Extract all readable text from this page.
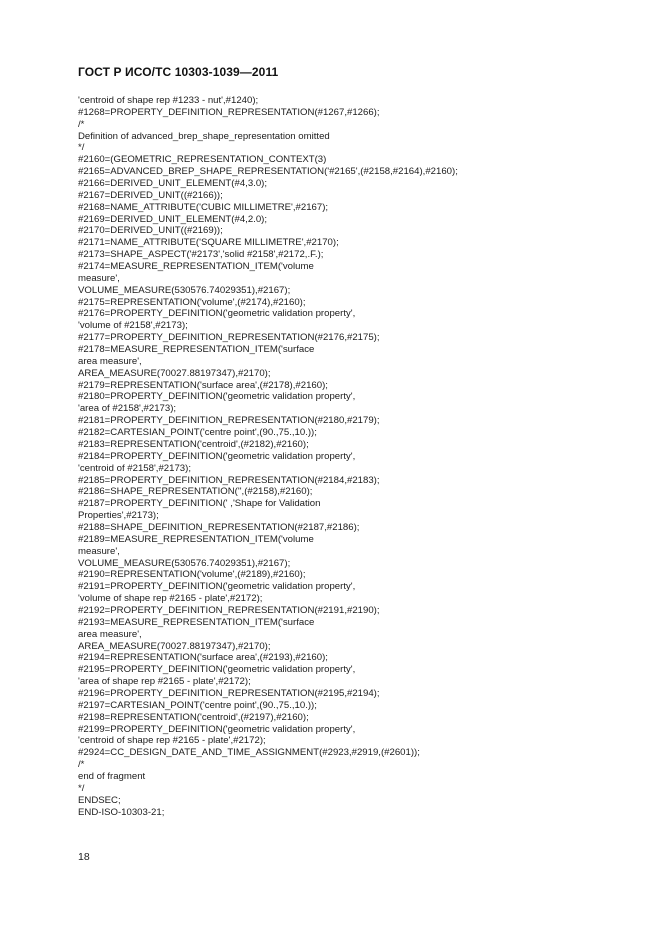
ГОСТ Р ИСО/ТС 10303-1039—2011
'centroid of shape rep #1233 - nut',#1240);
#1268=PROPERTY_DEFINITION_REPRESENTATION(#1267,#1266);
/*
Definition of advanced_brep_shape_representation omitted
*/
#2160=(GEOMETRIC_REPRESENTATION_CONTEXT(3)
#2165=ADVANCED_BREP_SHAPE_REPRESENTATION('#2165',(#2158,#2164),#2160);
#2166=DERIVED_UNIT_ELEMENT(#4,3.0);
#2167=DERIVED_UNIT((#2166));
#2168=NAME_ATTRIBUTE('CUBIC MILLIMETRE',#2167);
#2169=DERIVED_UNIT_ELEMENT(#4,2.0);
#2170=DERIVED_UNIT((#2169));
#2171=NAME_ATTRIBUTE('SQUARE MILLIMETRE',#2170);
#2173=SHAPE_ASPECT('#2173','solid #2158',#2172,.F.);
#2174=MEASURE_REPRESENTATION_ITEM('volume
measure',
VOLUME_MEASURE(530576.74029351),#2167);
#2175=REPRESENTATION('volume',(#2174),#2160);
#2176=PROPERTY_DEFINITION('geometric validation property',
'volume of #2158',#2173);
#2177=PROPERTY_DEFINITION_REPRESENTATION(#2176,#2175);
#2178=MEASURE_REPRESENTATION_ITEM('surface
area measure',
AREA_MEASURE(70027.88197347),#2170);
#2179=REPRESENTATION('surface area',(#2178),#2160);
#2180=PROPERTY_DEFINITION('geometric validation property',
'area of #2158',#2173);
#2181=PROPERTY_DEFINITION_REPRESENTATION(#2180,#2179);
#2182=CARTESIAN_POINT('centre point',(90.,75.,10.));
#2183=REPRESENTATION('centroid',(#2182),#2160);
#2184=PROPERTY_DEFINITION('geometric validation property',
'centroid of #2158',#2173);
#2185=PROPERTY_DEFINITION_REPRESENTATION(#2184,#2183);
#2186=SHAPE_REPRESENTATION('',(#2158),#2160);
#2187=PROPERTY_DEFINITION(' ,'Shape for Validation
Properties',#2173);
#2188=SHAPE_DEFINITION_REPRESENTATION(#2187,#2186);
#2189=MEASURE_REPRESENTATION_ITEM('volume
measure',
VOLUME_MEASURE(530576.74029351),#2167);
#2190=REPRESENTATION('volume',(#2189),#2160);
#2191=PROPERTY_DEFINITION('geometric validation property',
'volume of shape rep #2165 - plate',#2172);
#2192=PROPERTY_DEFINITION_REPRESENTATION(#2191,#2190);
#2193=MEASURE_REPRESENTATION_ITEM('surface
area measure',
AREA_MEASURE(70027.88197347),#2170);
#2194=REPRESENTATION('surface area',(#2193),#2160);
#2195=PROPERTY_DEFINITION('geometric validation property',
'area of shape rep #2165 - plate',#2172);
#2196=PROPERTY_DEFINITION_REPRESENTATION(#2195,#2194);
#2197=CARTESIAN_POINT('centre point',(90.,75.,10.));
#2198=REPRESENTATION('centroid',(#2197),#2160);
#2199=PROPERTY_DEFINITION('geometric validation property',
'centroid of shape rep #2165 - plate',#2172);
#2924=CC_DESIGN_DATE_AND_TIME_ASSIGNMENT(#2923,#2919,(#2601));
/*
end of fragment
*/
ENDSEC;
END-ISO-10303-21;
18
